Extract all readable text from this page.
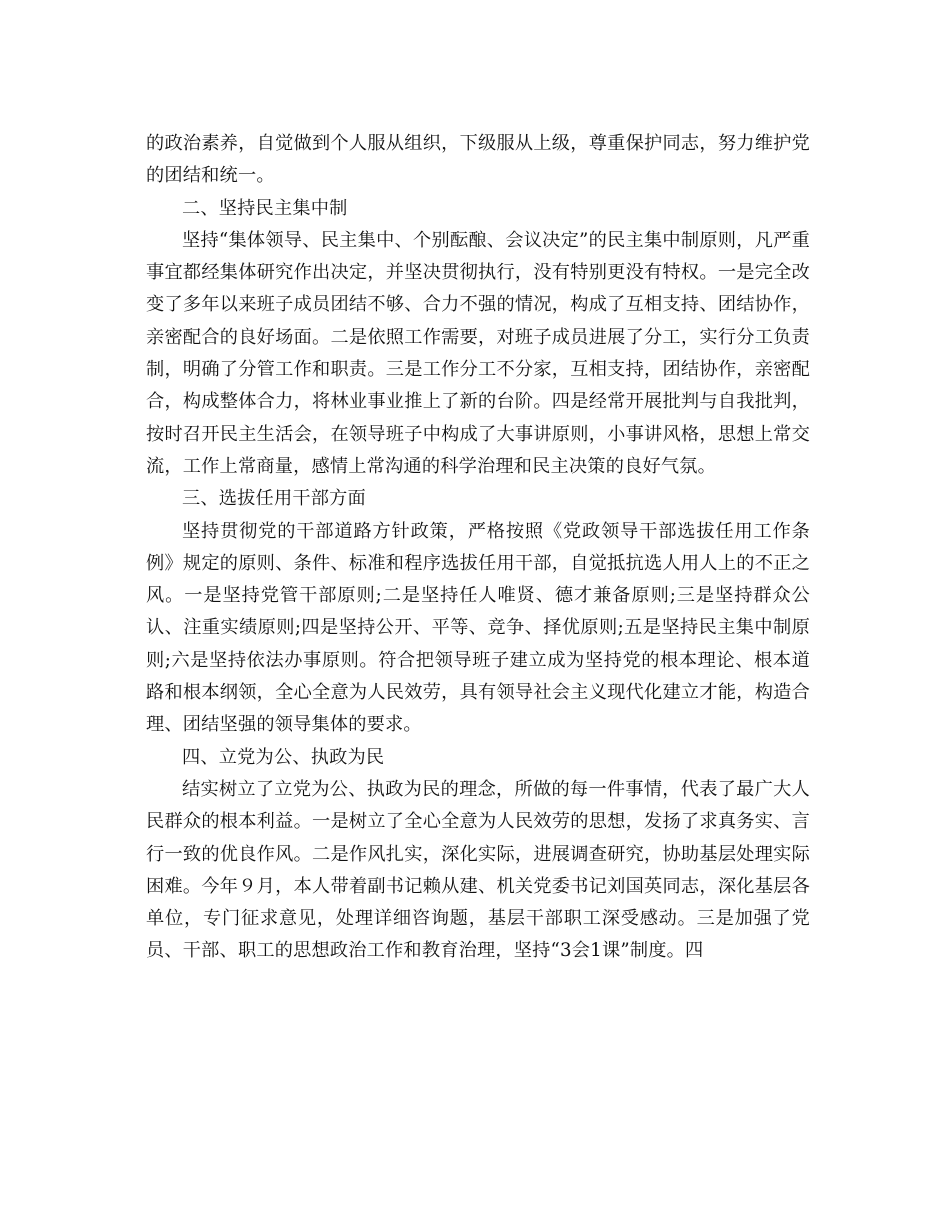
的政治素养，自觉做到个人服从组织，下级服从上级，尊重保护同志，努力维护党的团结和统一。

二、坚持民主集中制

坚持“集体领导、民主集中、个别酝酿、会议决定”的民主集中制原则，凡严重事宜都经集体研究作出决定，并坚决贯彻执行，没有特别更没有特权。一是完全改变了多年以来班子成员团结不够、合力不强的情况，构成了互相支持、团结协作，亲密配合的良好场面。二是依照工作需要，对班子成员进展了分工，实行分工负责制，明确了分管工作和职责。三是工作分工不分家，互相支持，团结协作，亲密配合，构成整体合力，将林业事业推上了新的台阶。四是经常开展批判与自我批判，按时召开民主生活会，在领导班子中构成了大事讲原则，小事讲风格，思想上常交流，工作上常商量，感情上常沟通的科学治理和民主决策的良好气氛。

三、选拔任用干部方面

坚持贯彻党的干部道路方针政策，严格按照《党政领导干部选拔任用工作条例》规定的原则、条件、标准和程序选拔任用干部，自觉抵抗选人用人上的不正之风。一是坚持党管干部原则;二是坚持任人唯贤、德才兼备原则;三是坚持群众公认、注重实绩原则;四是坚持公开、平等、竞争、择优原则;五是坚持民主集中制原则;六是坚持依法办事原则。符合把领导班子建立成为坚持党的根本理论、根本道路和根本纲领，全心全意为人民效劳，具有领导社会主义现代化建立才能，构造合理、团结坚强的领导集体的要求。

四、立党为公、执政为民

结实树立了立党为公、执政为民的理念，所做的每一件事情，代表了最广大人民群众的根本利益。一是树立了全心全意为人民效劳的思想，发扬了求真务实、言行一致的优良作风。二是作风扎实，深化实际，进展调查研究，协助基层处理实际困难。今年９月，本人带着副书记赖从建、机关党委书记刘国英同志，深化基层各单位，专门征求意见，处理详细咨询题，基层干部职工深受感动。三是加强了党员、干部、职工的思想政治工作和教育治理，坚持“3会1课”制度。四
